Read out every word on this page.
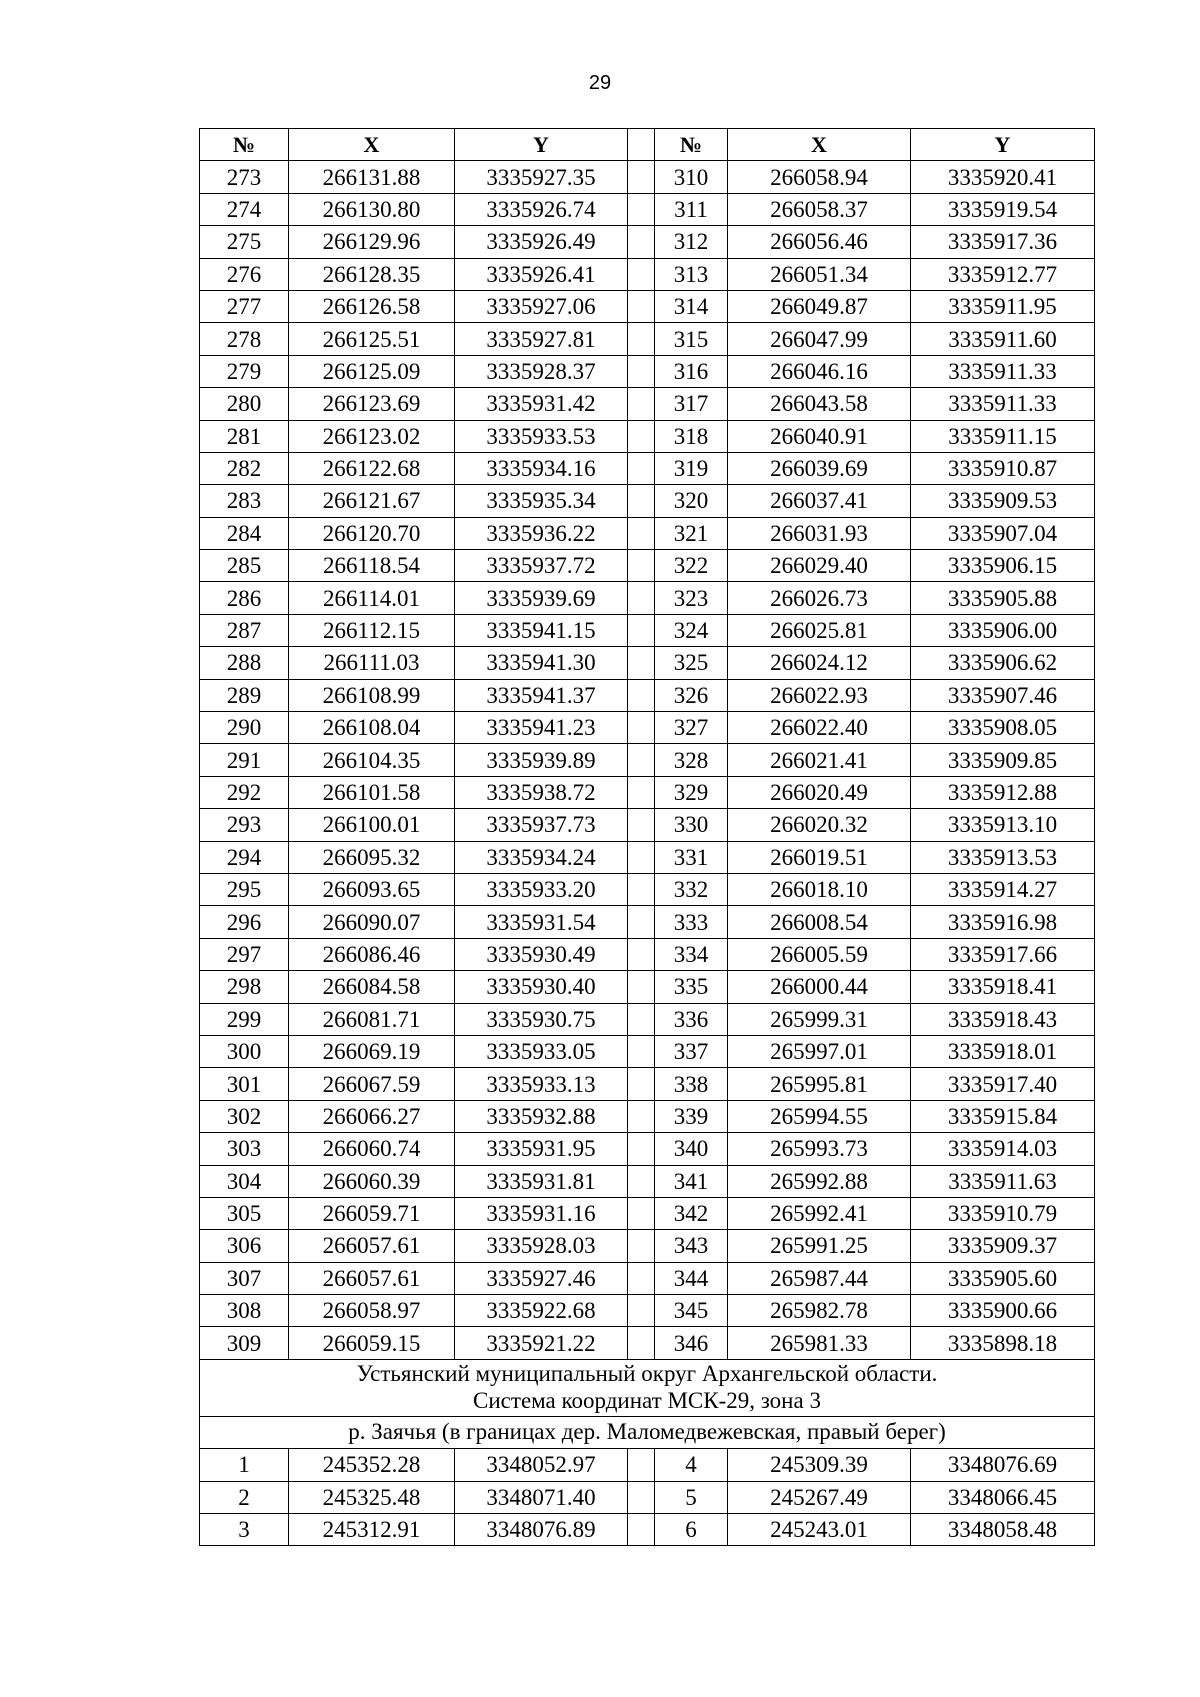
29
№	X	Y		№	X	Y
273	266131.88	3335927.35		310	266058.94	3335920.41
274	266130.80	3335926.74		311	266058.37	3335919.54
275	266129.96	3335926.49		312	266056.46	3335917.36
276	266128.35	3335926.41		313	266051.34	3335912.77
277	266126.58	3335927.06		314	266049.87	3335911.95
278	266125.51	3335927.81		315	266047.99	3335911.60
279	266125.09	3335928.37		316	266046.16	3335911.33
280	266123.69	3335931.42		317	266043.58	3335911.33
281	266123.02	3335933.53		318	266040.91	3335911.15
282	266122.68	3335934.16		319	266039.69	3335910.87
283	266121.67	3335935.34		320	266037.41	3335909.53
284	266120.70	3335936.22		321	266031.93	3335907.04
285	266118.54	3335937.72		322	266029.40	3335906.15
286	266114.01	3335939.69		323	266026.73	3335905.88
287	266112.15	3335941.15		324	266025.81	3335906.00
288	266111.03	3335941.30		325	266024.12	3335906.62
289	266108.99	3335941.37		326	266022.93	3335907.46
290	266108.04	3335941.23		327	266022.40	3335908.05
291	266104.35	3335939.89		328	266021.41	3335909.85
292	266101.58	3335938.72		329	266020.49	3335912.88
293	266100.01	3335937.73		330	266020.32	3335913.10
294	266095.32	3335934.24		331	266019.51	3335913.53
295	266093.65	3335933.20		332	266018.10	3335914.27
296	266090.07	3335931.54		333	266008.54	3335916.98
297	266086.46	3335930.49		334	266005.59	3335917.66
298	266084.58	3335930.40		335	266000.44	3335918.41
299	266081.71	3335930.75		336	265999.31	3335918.43
300	266069.19	3335933.05		337	265997.01	3335918.01
301	266067.59	3335933.13		338	265995.81	3335917.40
302	266066.27	3335932.88		339	265994.55	3335915.84
303	266060.74	3335931.95		340	265993.73	3335914.03
304	266060.39	3335931.81		341	265992.88	3335911.63
305	266059.71	3335931.16		342	265992.41	3335910.79
306	266057.61	3335928.03		343	265991.25	3335909.37
307	266057.61	3335927.46		344	265987.44	3335905.60
308	266058.97	3335922.68		345	265982.78	3335900.66
309	266059.15	3335921.22		346	265981.33	3335898.18

Устьянский муниципальный округ Архангельской области.
Система координат МСК-29, зона 3						

р. Заячья (в границах дер. Маломедвежевская, правый берег)						
1	245352.28	3348052.97		4	245309.39	3348076.69
2	245325.48	3348071.40		5	245267.49	3348066.45
3	245312.91	3348076.89		6	245243.01	3348058.48
